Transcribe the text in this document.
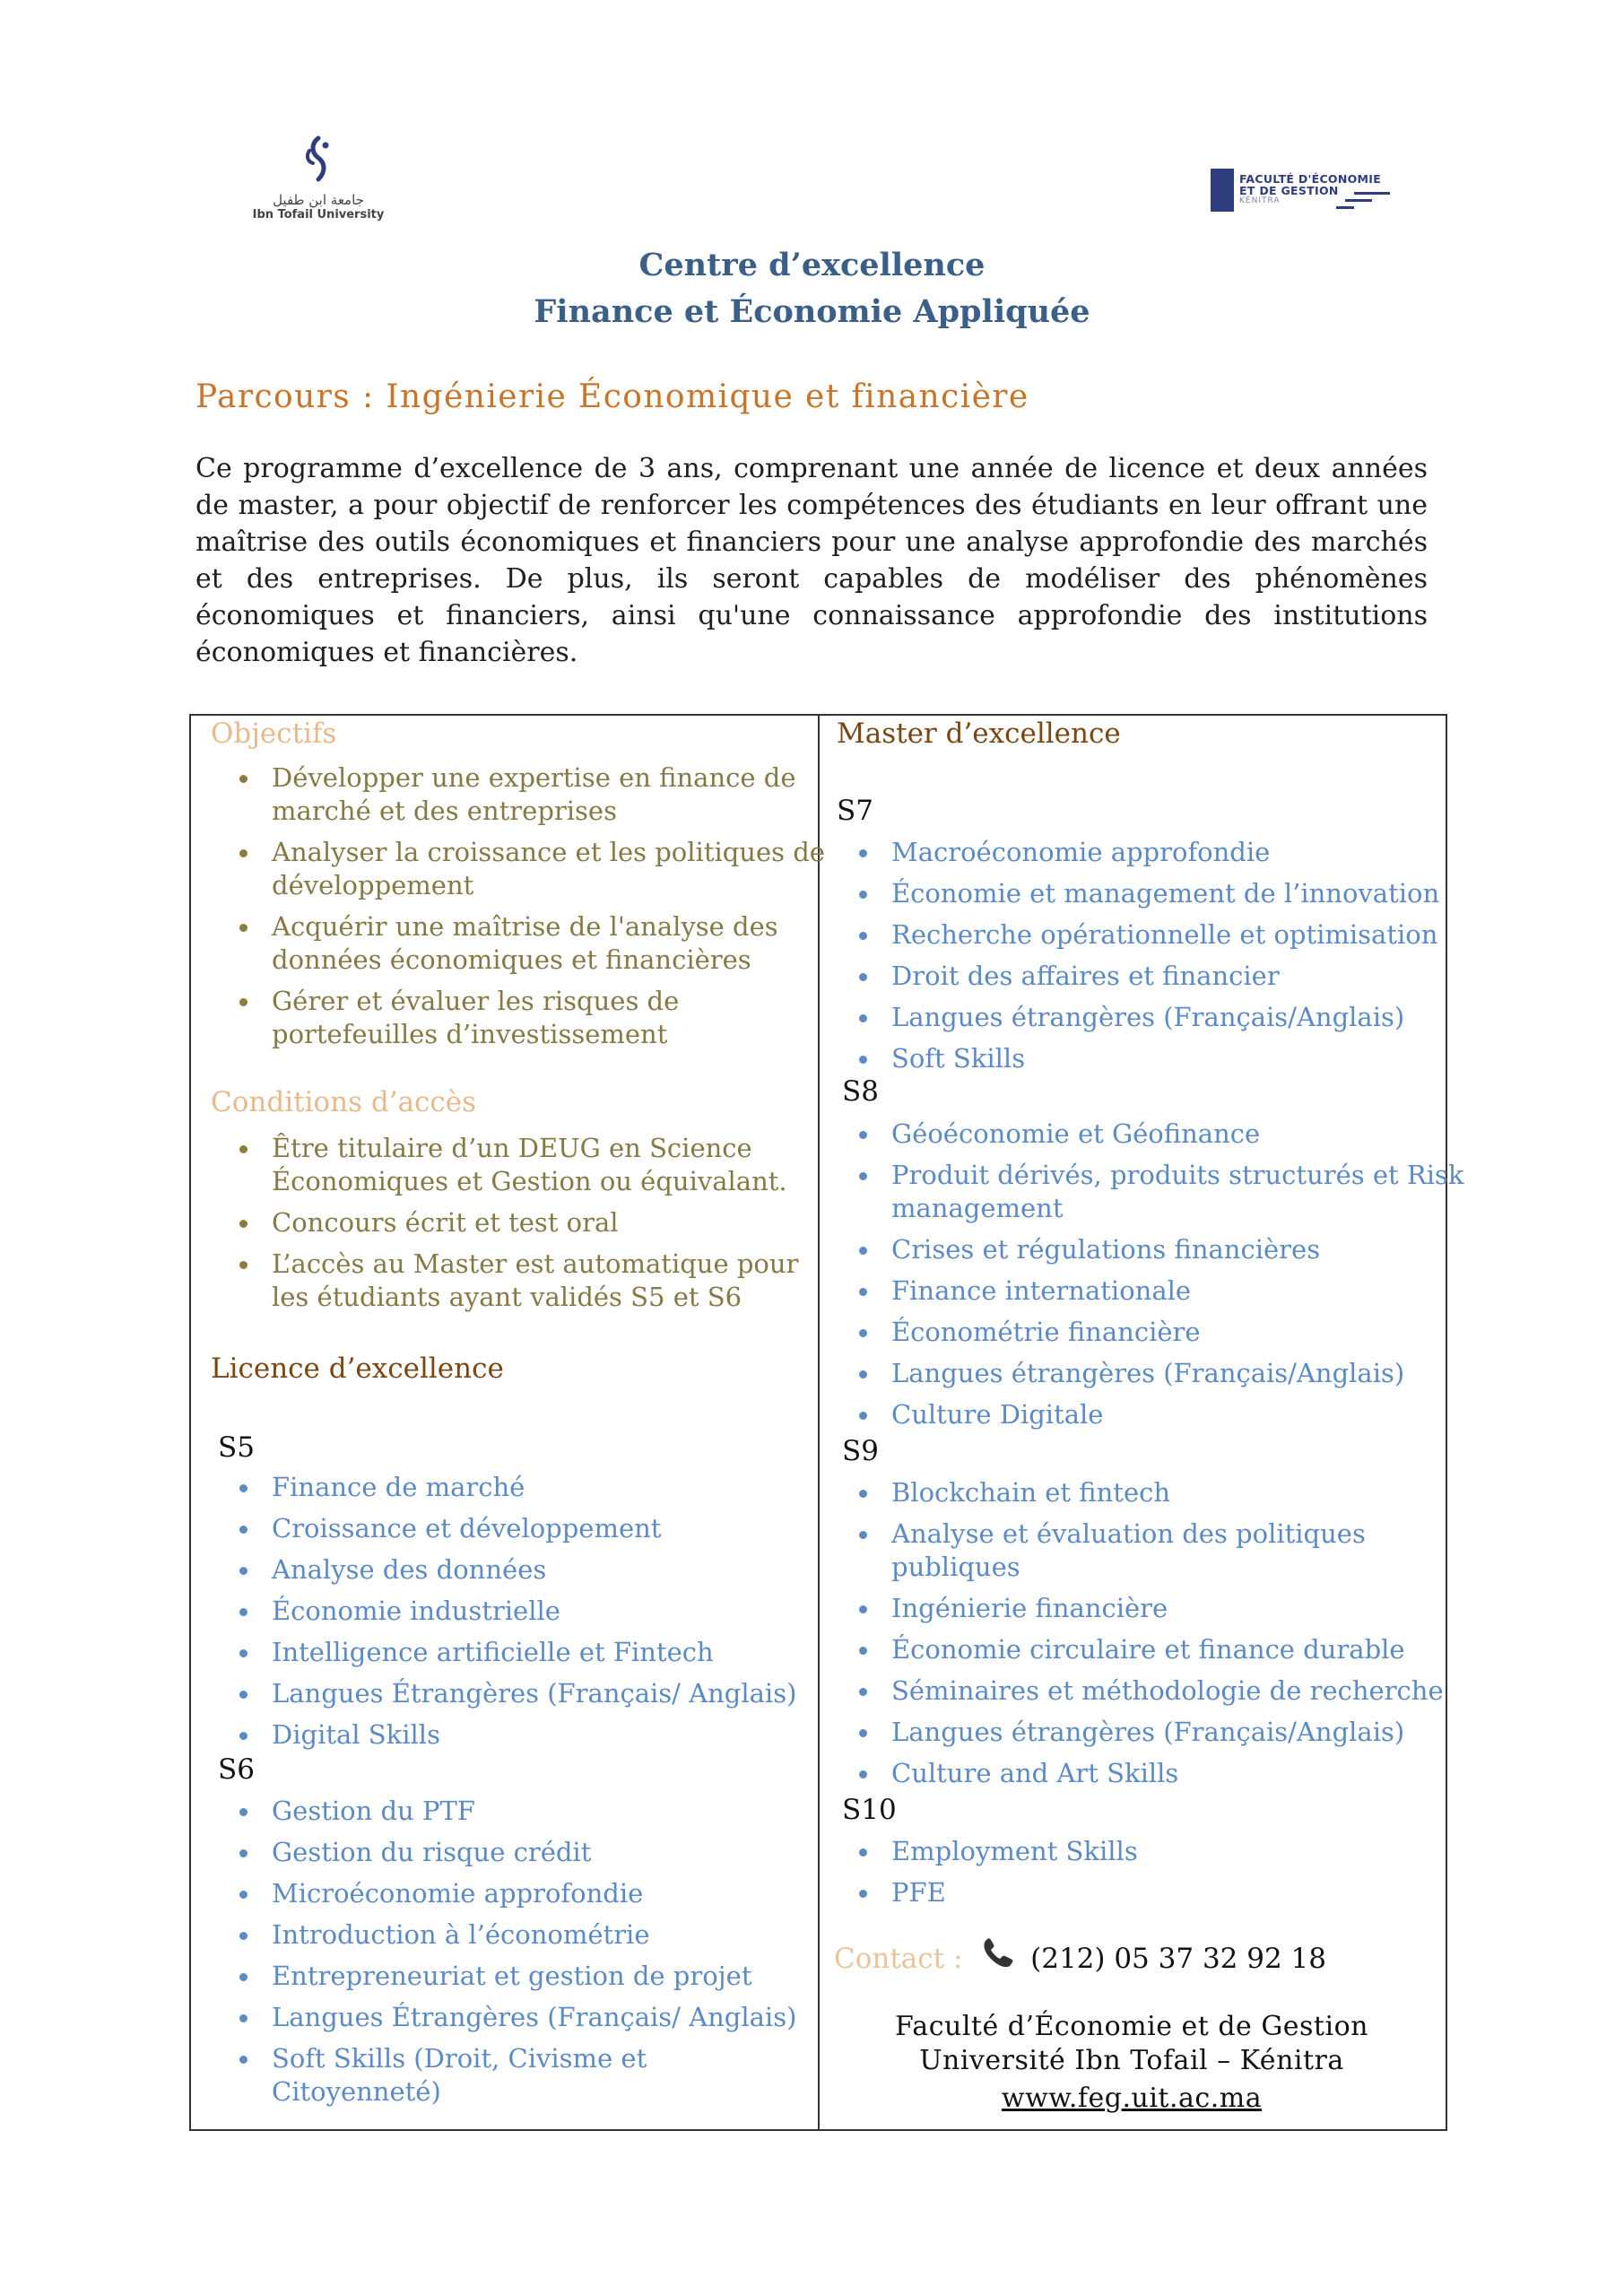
جامعة ابن طفيل
Ibn Tofail University
FACULTÉ D'ÉCONOMIE
ET DE GESTION
KÉNITRA
Centre d’excellence
Finance et Économie Appliquée
Parcours : Ingénierie Économique et financière
Ce programme d’excellence de 3 ans, comprenant une année de licence et deux années de master, a pour objectif de renforcer les compétences des étudiants en leur offrant une maîtrise des outils économiques et financiers pour une analyse approfondie des marchés et des entreprises. De plus, ils seront capables de modéliser des phénomènes économiques et financiers, ainsi qu'une connaissance approfondie des institutions économiques et financières.
Objectifs
Développer une expertise en finance de
marché et des entreprises
Analyser la croissance et les politiques de
développement
Acquérir une maîtrise de l'analyse des
données économiques et financières
Gérer et évaluer les risques de
portefeuilles d’investissement
Conditions d’accès
Être titulaire d’un DEUG en Science
Économiques et Gestion ou équivalant.
Concours écrit et test oral
L’accès au Master est automatique pour
les étudiants ayant validés S5 et S6
Licence d’excellence
S5
Finance de marché
Croissance et développement
Analyse des données
Économie industrielle
Intelligence artificielle et Fintech
Langues Étrangères (Français/ Anglais)
Digital Skills
S6
Gestion du PTF
Gestion du risque crédit
Microéconomie approfondie
Introduction à l’économétrie
Entrepreneuriat et gestion de projet
Langues Étrangères (Français/ Anglais)
Soft Skills (Droit, Civisme et
Citoyenneté)
Master d’excellence
S7
Macroéconomie approfondie
Économie et management de l’innovation
Recherche opérationnelle et optimisation
Droit des affaires et financier
Langues étrangères (Français/Anglais)
Soft Skills
S8
Géoéconomie et Géofinance
Produit dérivés, produits structurés et Risk
management
Crises et régulations financières
Finance internationale
Économétrie financière
Langues étrangères (Français/Anglais)
Culture Digitale
S9
Blockchain et fintech
Analyse et évaluation des politiques
publiques
Ingénierie financière
Économie circulaire et finance durable
Séminaires et méthodologie de recherche
Langues étrangères (Français/Anglais)
Culture and Art Skills
S10
Employment Skills
PFE
Contact : (212) 05 37 32 92 18
Faculté d’Économie et de Gestion
Université Ibn Tofail – Kénitra
www.feg.uit.ac.ma
